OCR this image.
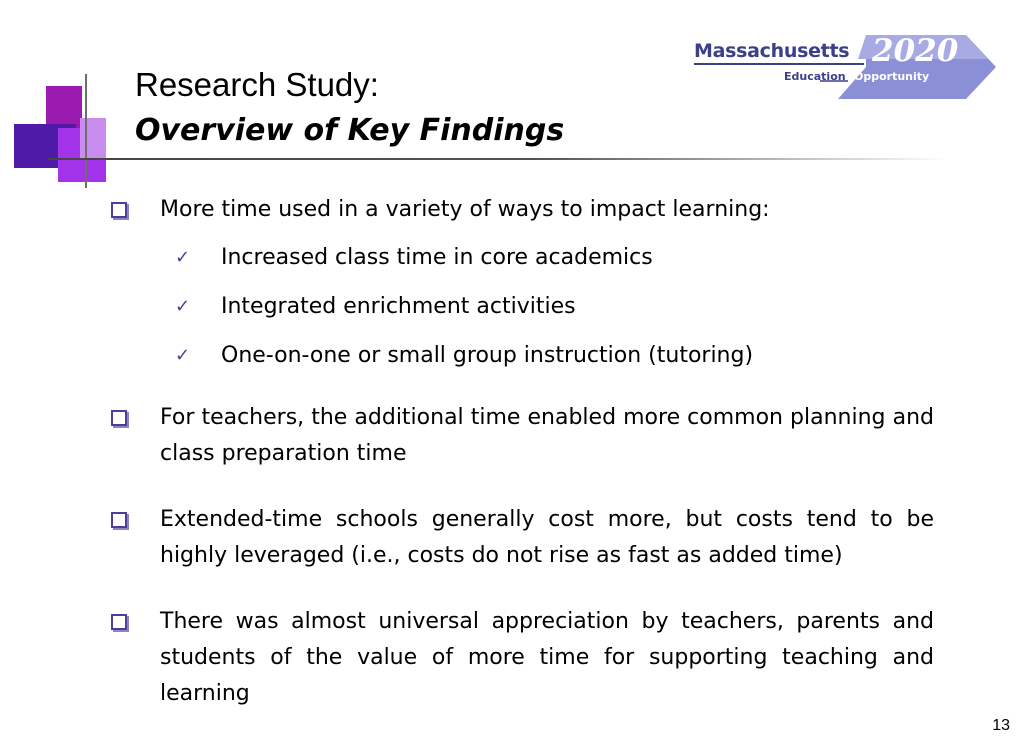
Research Study:
Overview of Key Findings
Massachusetts 2020
Education Opportunity
More time used in a variety of ways to impact learning:
✓ Increased class time in core academics
✓ Integrated enrichment activities
✓ One-on-one or small group instruction (tutoring)
For teachers, the additional time enabled more common planning and class preparation time
Extended-time schools generally cost more, but costs tend to be highly leveraged (i.e., costs do not rise as fast as added time)
There was almost universal appreciation by teachers, parents and students of the value of more time for supporting teaching and learning
13
